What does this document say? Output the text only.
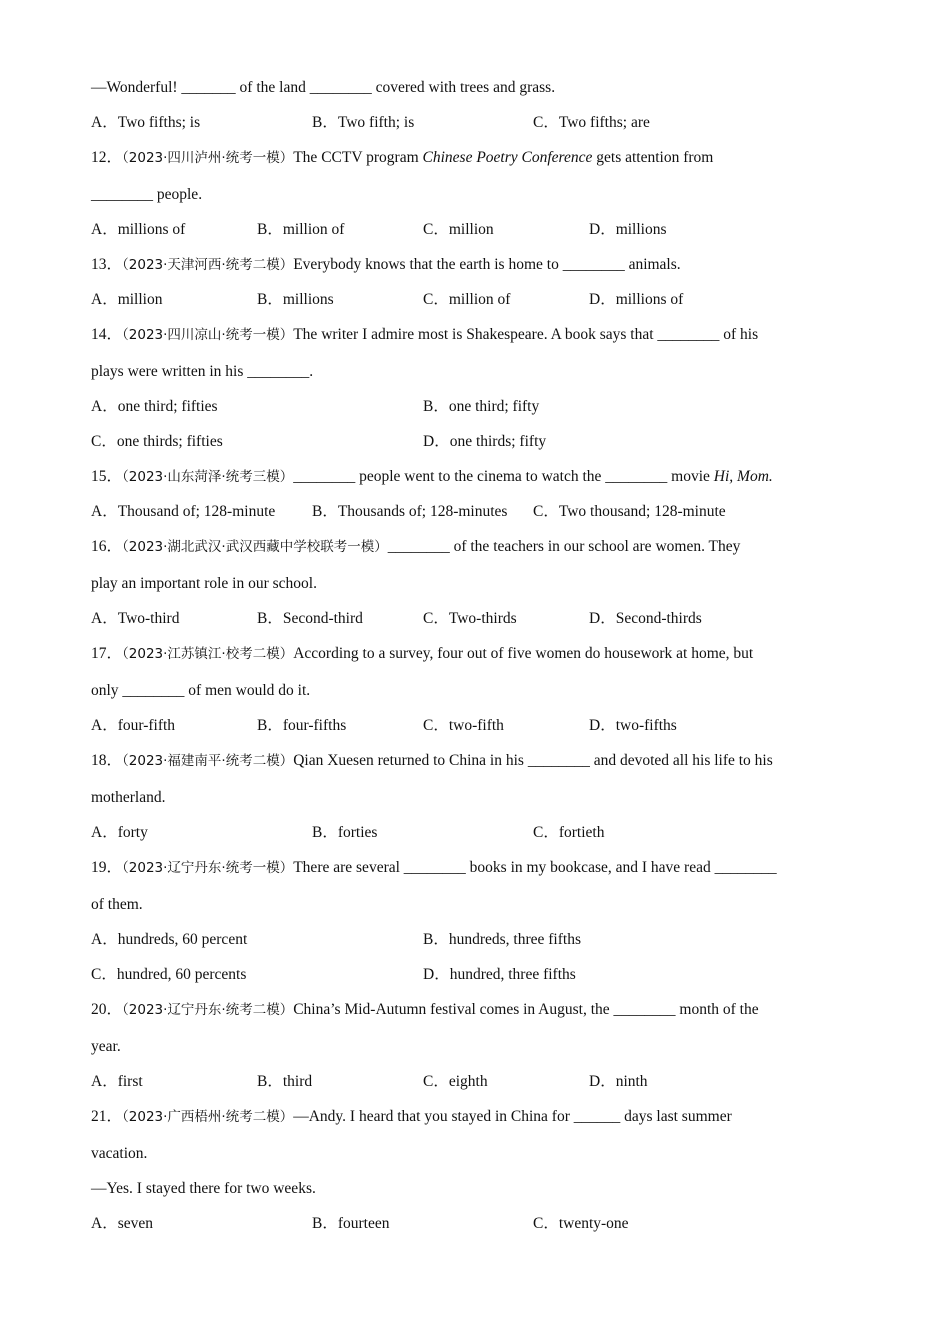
—Wonderful! _______ of the land ________ covered with trees and grass.
A．Two fifths; is	B．Two fifth; is	C．Two fifths; are
12．（2023·四川泸州·统考一模）The CCTV program Chinese Poetry Conference gets attention from
________ people.
A．millions of	B．million of	C．million	D．millions
13．（2023·天津河西·统考二模）Everybody knows that the earth is home to ________ animals.
A．million	B．millions	C．million of	D．millions of
14．（2023·四川凉山·统考一模）The writer I admire most is Shakespeare. A book says that ________ of his
plays were written in his ________.
A．one third; fifties	B．one third; fifty
C．one thirds; fifties	D．one thirds; fifty
15．（2023·山东菏泽·统考三模）________ people went to the cinema to watch the ________ movie Hi, Mom.
A．Thousand of; 128-minute B．Thousands of; 128-minutes C．Two thousand; 128-minute
16．（2023·湖北武汉·武汉西藏中学校联考一模）________ of the teachers in our school are women. They
play an important role in our school.
A．Two-third	B．Second-third	C．Two-thirds	D．Second-thirds
17．（2023·江苏镇江·校考二模）According to a survey, four out of five women do housework at home, but
only ________ of men would do it.
A．four-fifth	B．four-fifths	C．two-fifth	D．two-fifths
18．（2023·福建南平·统考二模）Qian Xuesen returned to China in his ________ and devoted all his life to his
motherland.
A．forty	B．forties	C．fortieth
19．（2023·辽宁丹东·统考一模）There are several ________ books in my bookcase, and I have read ________
of them.
A．hundreds, 60 percent	B．hundreds, three fifths
C．hundred, 60 percents	D．hundred, three fifths
20．（2023·辽宁丹东·统考二模）China’s Mid-Autumn festival comes in August, the ________ month of the
year.
A．first	B．third	C．eighth	D．ninth
21．（2023·广西梧州·统考二模）—Andy. I heard that you stayed in China for ______ days last summer
vacation.
—Yes. I stayed there for two weeks.
A．seven	B．fourteen	C．twenty-one
